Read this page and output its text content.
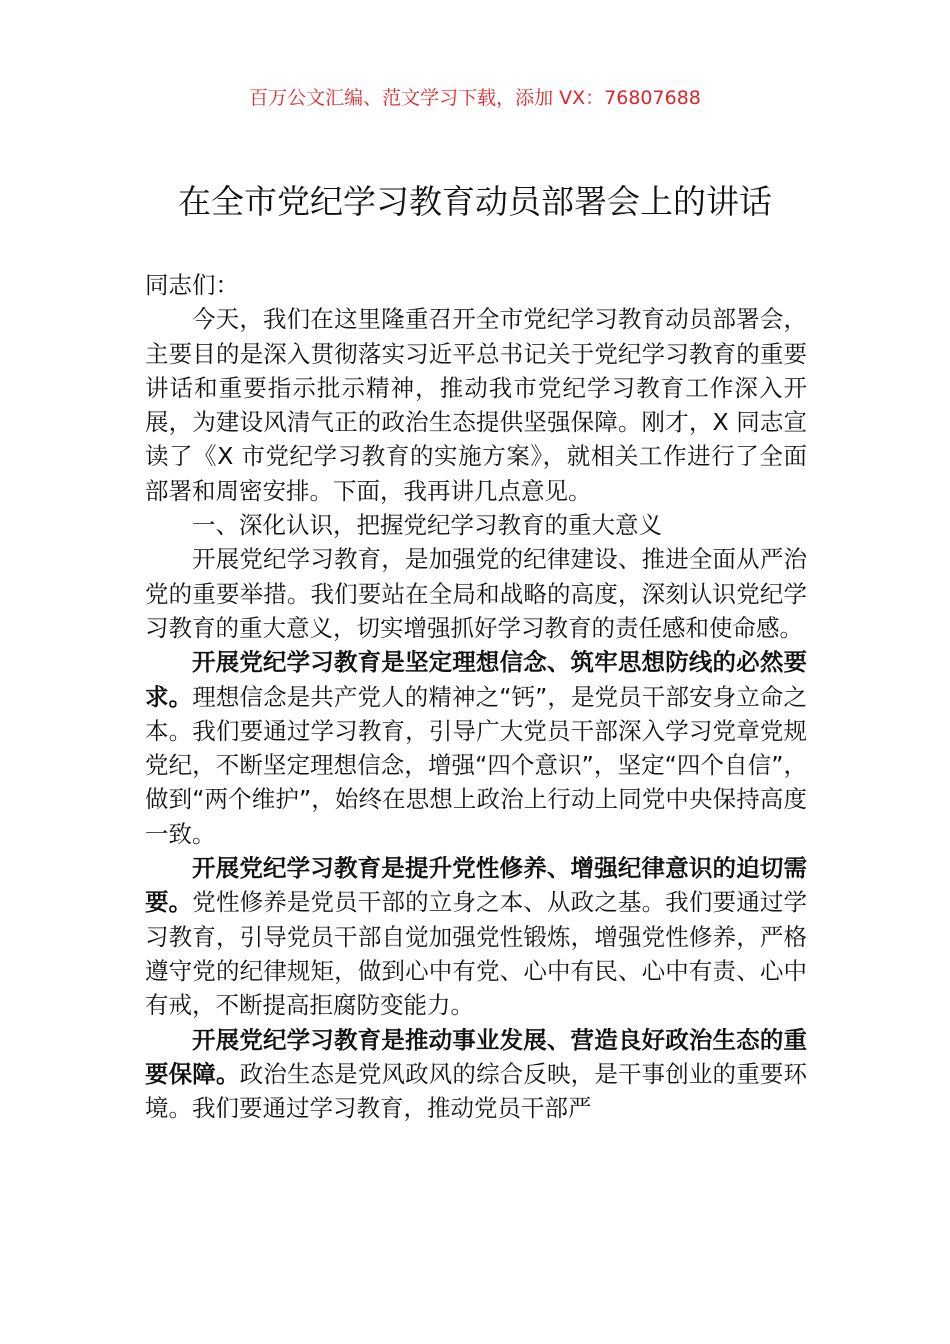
百万公文汇编、范文学习下载，添加 VX：76807688
在全市党纪学习教育动员部署会上的讲话

同志们：

今天，我们在这里隆重召开全市党纪学习教育动员部署会，主要目的是深入贯彻落实习近平总书记关于党纪学习教育的重要讲话和重要指示批示精神，推动我市党纪学习教育工作深入开展，为建设风清气正的政治生态提供坚强保障。刚才，X 同志宣读了《X 市党纪学习教育的实施方案》，就相关工作进行了全面部署和周密安排。下面，我再讲几点意见。

一、深化认识，把握党纪学习教育的重大意义

开展党纪学习教育，是加强党的纪律建设、推进全面从严治党的重要举措。我们要站在全局和战略的高度，深刻认识党纪学习教育的重大意义，切实增强抓好学习教育的责任感和使命感。

开展党纪学习教育是坚定理想信念、筑牢思想防线的必然要求。理想信念是共产党人的精神之“钙”，是党员干部安身立命之本。我们要通过学习教育，引导广大党员干部深入学习党章党规党纪，不断坚定理想信念，增强“四个意识”，坚定“四个自信”，做到“两个维护”，始终在思想上政治上行动上同党中央保持高度一致。

开展党纪学习教育是提升党性修养、增强纪律意识的迫切需要。党性修养是党员干部的立身之本、从政之基。我们要通过学习教育，引导党员干部自觉加强党性锻炼，增强党性修养，严格遵守党的纪律规矩，做到心中有党、心中有民、心中有责、心中有戒，不断提高拒腐防变能力。

开展党纪学习教育是推动事业发展、营造良好政治生态的重要保障。政治生态是党风政风的综合反映，是干事创业的重要环境。我们要通过学习教育，推动党员干部严
